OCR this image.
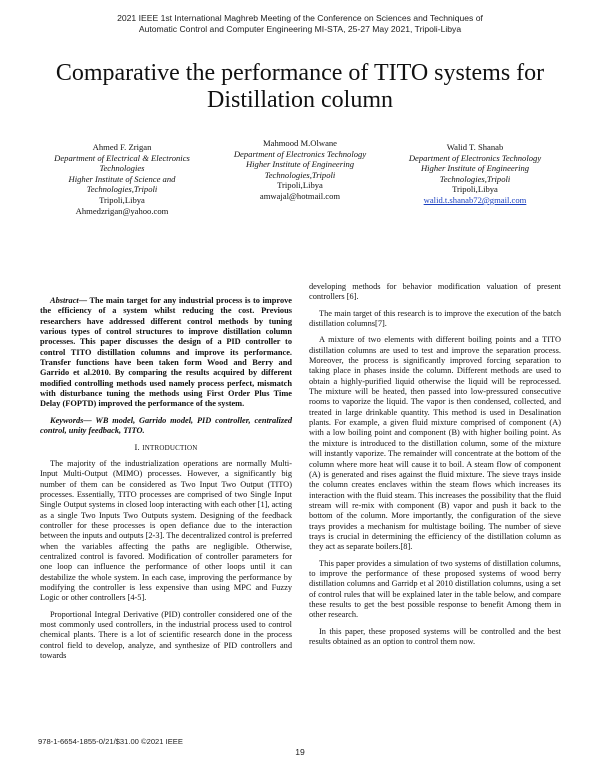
2021 IEEE 1st International Maghreb Meeting of the Conference on Sciences and Techniques of
Automatic Control and Computer Engineering MI-STA, 25-27 May 2021, Tripoli-Libya
Comparative the performance of TITO systems for
Distillation column
Ahmed F. Zrigan
Department of Electrical & Electronics Technologies
Higher Institute of Science and Technologies,Tripoli
Tripoli,Libya
Ahmedzrigan@yahoo.com
Mahmood M.Olwane
Department of Electronics Technology
Higher Institute of Engineering Technologies,Tripoli
Tripoli,Libya
amwajal@hotmail.com
Walid T. Shanab
Department of Electronics Technology
Higher Institute of Engineering Technologies,Tripoli
Tripoli,Libya
walid.t.shanab72@gmail.com

Abstract— The main target for any industrial process is to improve the efficiency of a system whilst reducing the cost. Previous researchers have addressed different control methods by tuning various types of control structures to improve distillation column processes. This paper discusses the design of a PID controller to control TITO distillation columns and improve its performance. Transfer functions have been taken form Wood and Berry and Garrido et al.2010. By comparing the results acquired by different modified controlling methods used namely process perfect, mismatch with disturbance tuning the methods using First Order Plus Time Delay (FOPTD) improved the performance of the system.

Keywords— WB model, Garrido model, PID controller, centralized control, unity feedback, TITO.

I. INTRODUCTION

The majority of the industrialization operations are normally Multi-Input Multi-Output (MIMO) processes. However, a significantly big number of them can be considered as Two Input Two Output (TITO) processes. Essentially, TITO processes are comprised of two Single Input Single Output systems in closed loop interacting with each other [1], acting as a single Two Inputs Two Outputs system. Designing of the feedback controller for these processes is open defiance due to the interaction between the inputs and outputs [2-3]. The decentralized control is preferred when the variables affecting the paths are negligible. Otherwise, centralized control is favored. Modification of controller parameters for one loop can influence the performance of other loops until it can destabilize the whole system. In each case, improving the performance by modifying the controller is less expensive than using MPC and Fuzzy Logic or other controllers [4-5].

Proportional Integral Derivative (PID) controller considered one of the most commonly used controllers, in the industrial process used to control chemical plants. There is a lot of scientific research done in the process control field to develop, analyze, and synthesize of PID controllers and towards

developing methods for behavior modification valuation of present controllers [6].

The main target of this research is to improve the execution of the batch distillation columns[7].

A mixture of two elements with different boiling points and a TITO distillation columns are used to test and improve the separation process. Moreover, the process is significantly improved forcing separation to taking place in phases inside the column. Different methods are used to obtain a highly-purified liquid otherwise the liquid will be reprocessed. The mixture will be heated, then passed into low-pressured consecutive rooms to vaporize the liquid. The vapor is then condensed, collected, and treated in large drinkable quantity. This method is used in Desalination plants. For example, a given fluid mixture comprised of component (A) with a low boiling point and component (B) with higher boiling point. As the mixture is introduced to the distillation column, some of the mixture will instantly vaporize. The remainder will concentrate at the bottom of the column where more heat will cause it to boil. A steam flow of component (A) is generated and rises against the fluid mixture. The sieve trays inside the column creates enclaves within the steam flows which increases its interaction with the fluid steam. This increases the possibility that the fluid stream will re-mix with component (B) vapor and push it back to the bottom of the column. More importantly, the configuration of the sieve trays provides a mechanism for multistage boiling. The number of sieve trays is crucial in determining the efficiency of the distillation column as they act as separate boilers.[8].

This paper provides a simulation of two systems of distillation columns, to improve the performance of these proposed systems of wood berry distillation columns and Garridp et al 2010 distillation columns, using a set of control rules that will be explained later in the table below, and compare these results to get the best possible response to benefit Among them in other research.

In this paper, these proposed systems will be controlled and the best results obtained as an option to control them now.

978-1-6654-1855-0/21/$31.00 ©2021 IEEE
19
